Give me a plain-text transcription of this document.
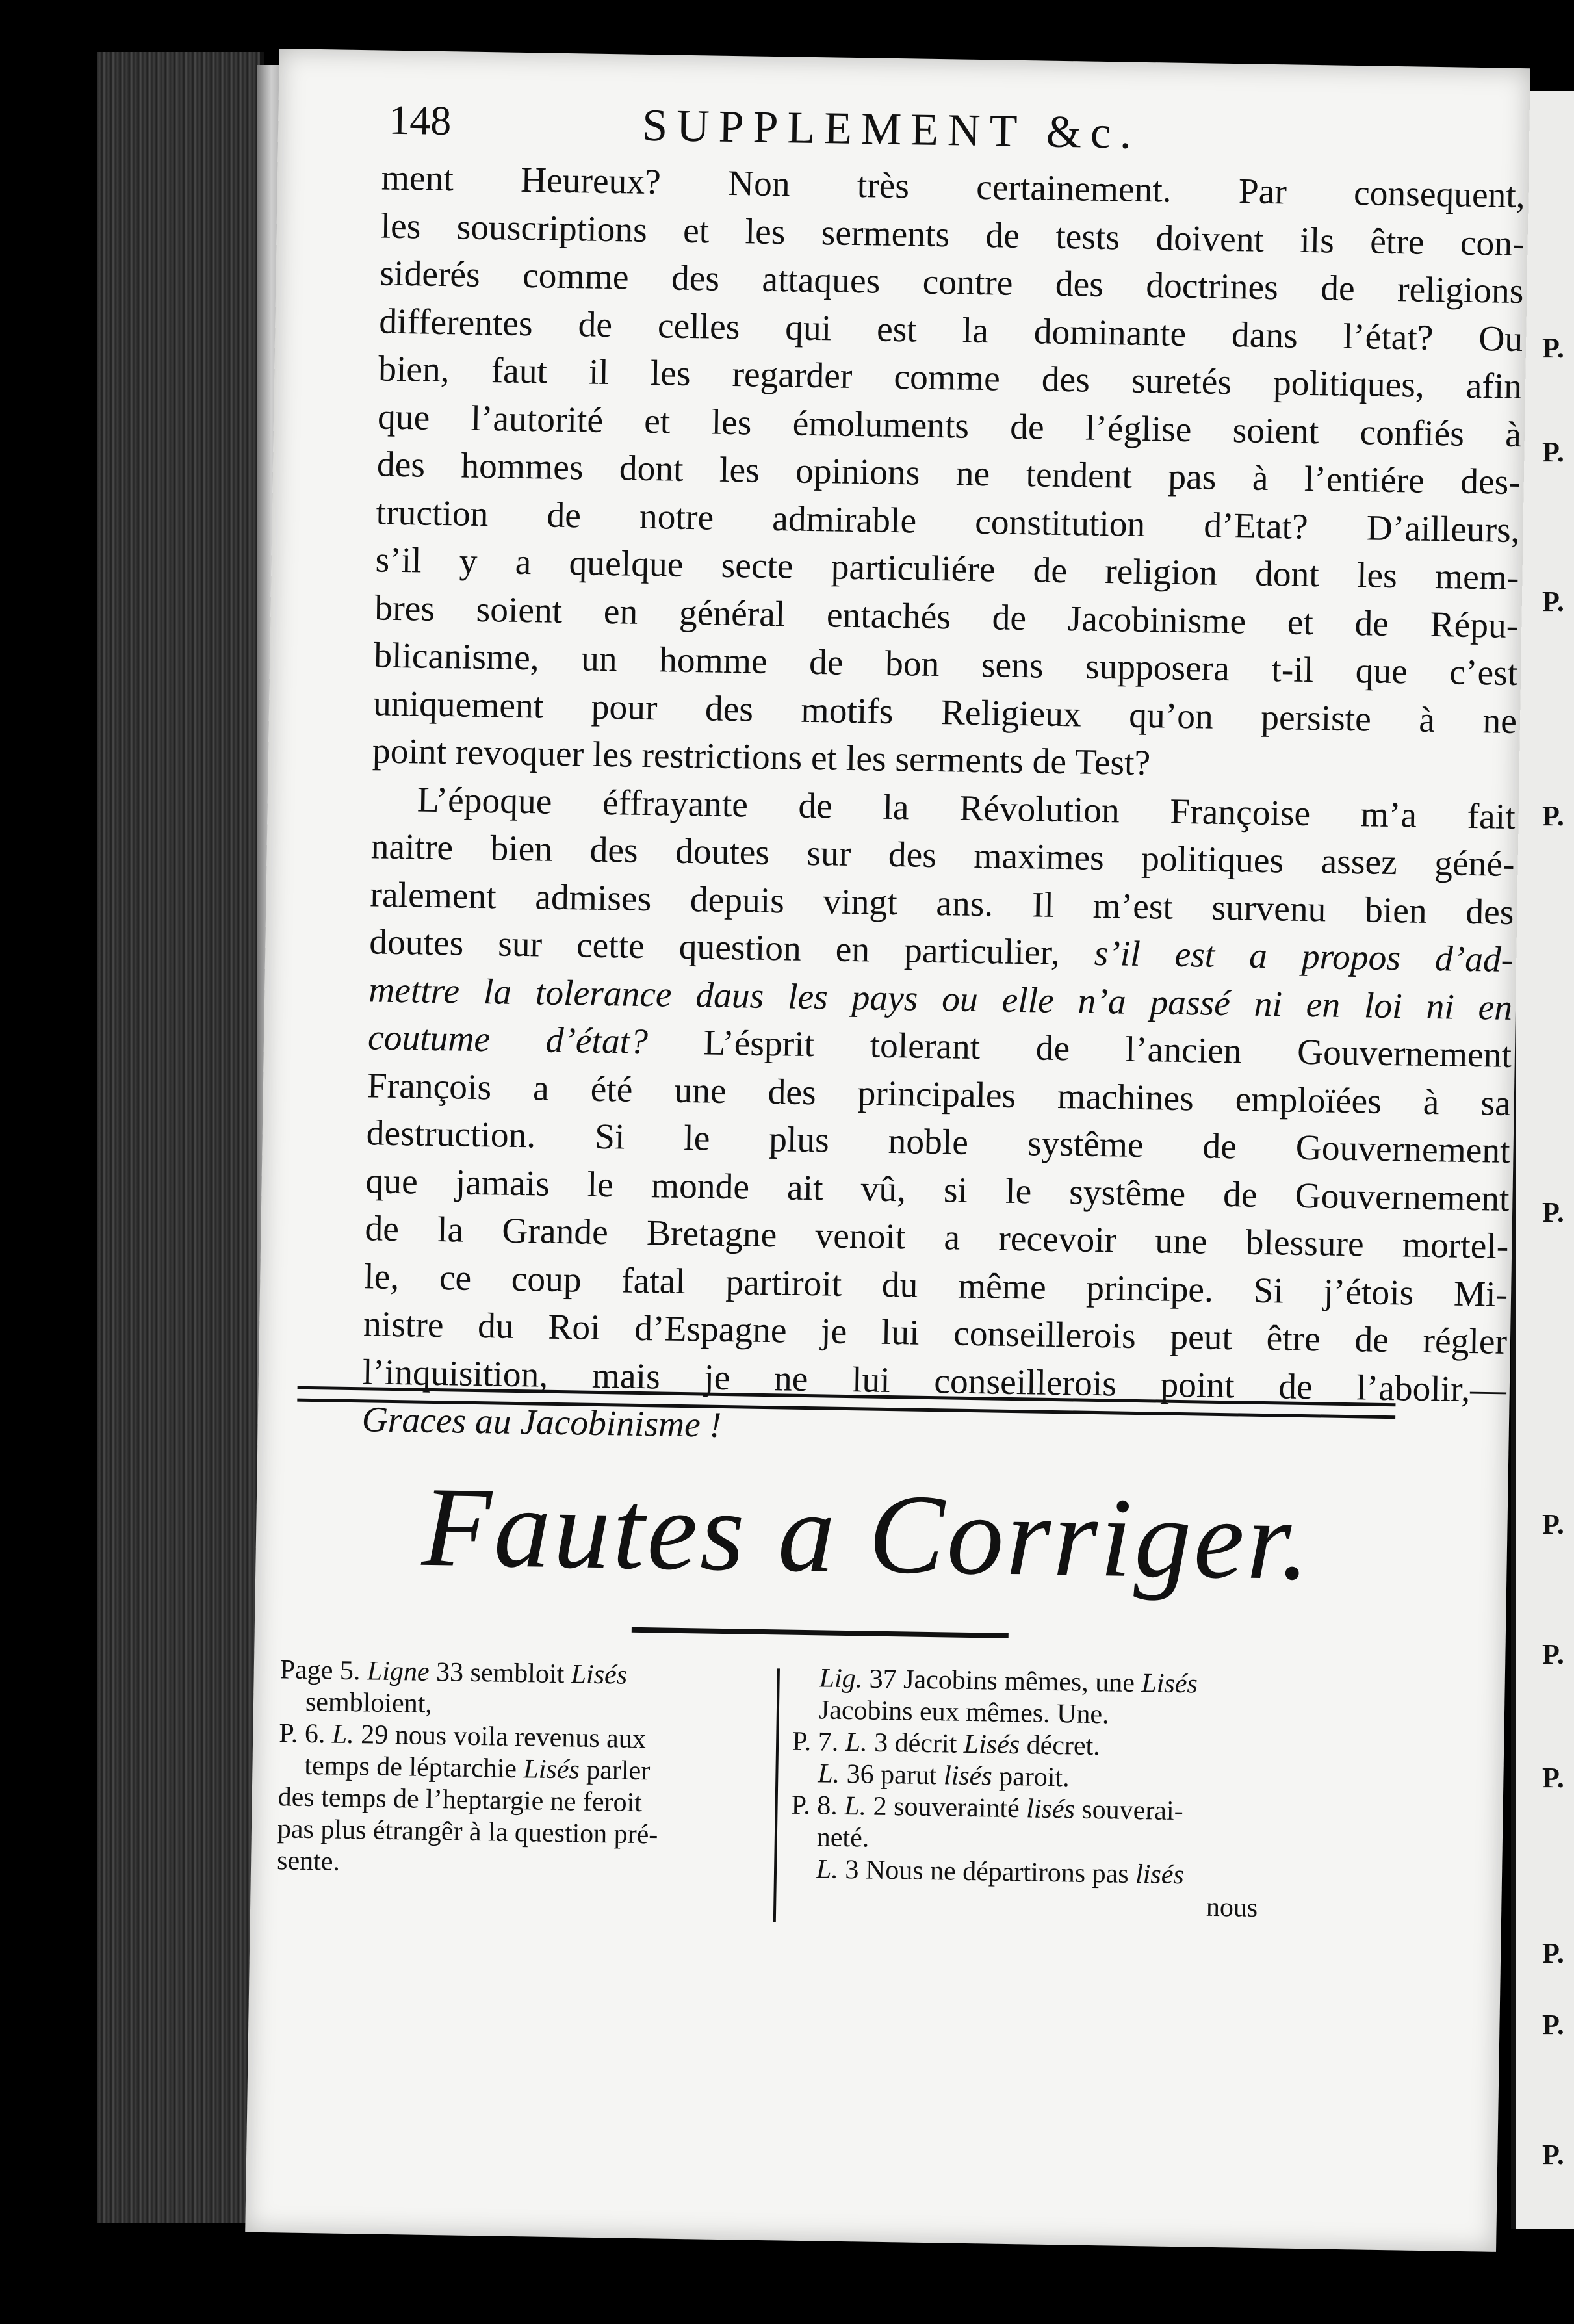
P.
P.
P.
P.
P.
P.
P.
P.
P.
P.
P.
148	SUPPLEMENT &c.
ment Heureux? Non très certainement. Par consequent,
les souscriptions et les serments de tests doivent ils être con-
siderés comme des attaques contre des doctrines de religions
differentes de celles qui est la dominante dans l’état? Ou
bien, faut il les regarder comme des suretés politiques, afin
que l’autorité et les émoluments de l’église soient confiés à
des hommes dont les opinions ne tendent pas à l’entiére des-
truction de notre admirable constitution d’Etat? D’ailleurs,
s’il y a quelque secte particuliére de religion dont les mem-
bres soient en général entachés de Jacobinisme et de Répu-
blicanisme, un homme de bon sens supposera t-il que c’est
uniquement pour des motifs Religieux qu’on persiste à ne
point revoquer les restrictions et les serments de Test?
L’époque éffrayante de la Révolution Françoise m’a fait
naitre bien des doutes sur des maximes politiques assez géné-
ralement admises depuis vingt ans. Il m’est survenu bien des
doutes sur cette question en particulier, s’il est a propos d’ad-
mettre la tolerance daus les pays ou elle n’a passé ni en loi ni en
coutume d’état? L’ésprit tolerant de l’ancien Gouvernement
François a été une des principales machines emploïées à sa
destruction. Si le plus noble systême de Gouvernement
que jamais le monde ait vû, si le systême de Gouvernement
de la Grande Bretagne venoit a recevoir une blessure mortel-
le, ce coup fatal partiroit du même principe. Si j’étois Mi-
nistre du Roi d’Espagne je lui conseillerois peut être de régler
l’inquisition, mais je ne lui conseillerois point de l’abolir,—
Graces au Jacobinisme !
Fautes a Corriger.
Page 5. Ligne 33 sembloit Lisés
sembloient,
P. 6. L. 29 nous voila revenus aux
temps de léptarchie Lisés parler
des temps de l’heptargie ne feroit
pas plus étrangêr à la question pré-
sente.
Lig. 37 Jacobins mêmes, une Lisés
Jacobins eux mêmes. Une.
P. 7. L. 3 décrit Lisés décret.
L. 36 parut lisés paroit.
P. 8. L. 2 souverainté lisés souverai-
neté.
L. 3 Nous ne départirons pas lisés
nous
